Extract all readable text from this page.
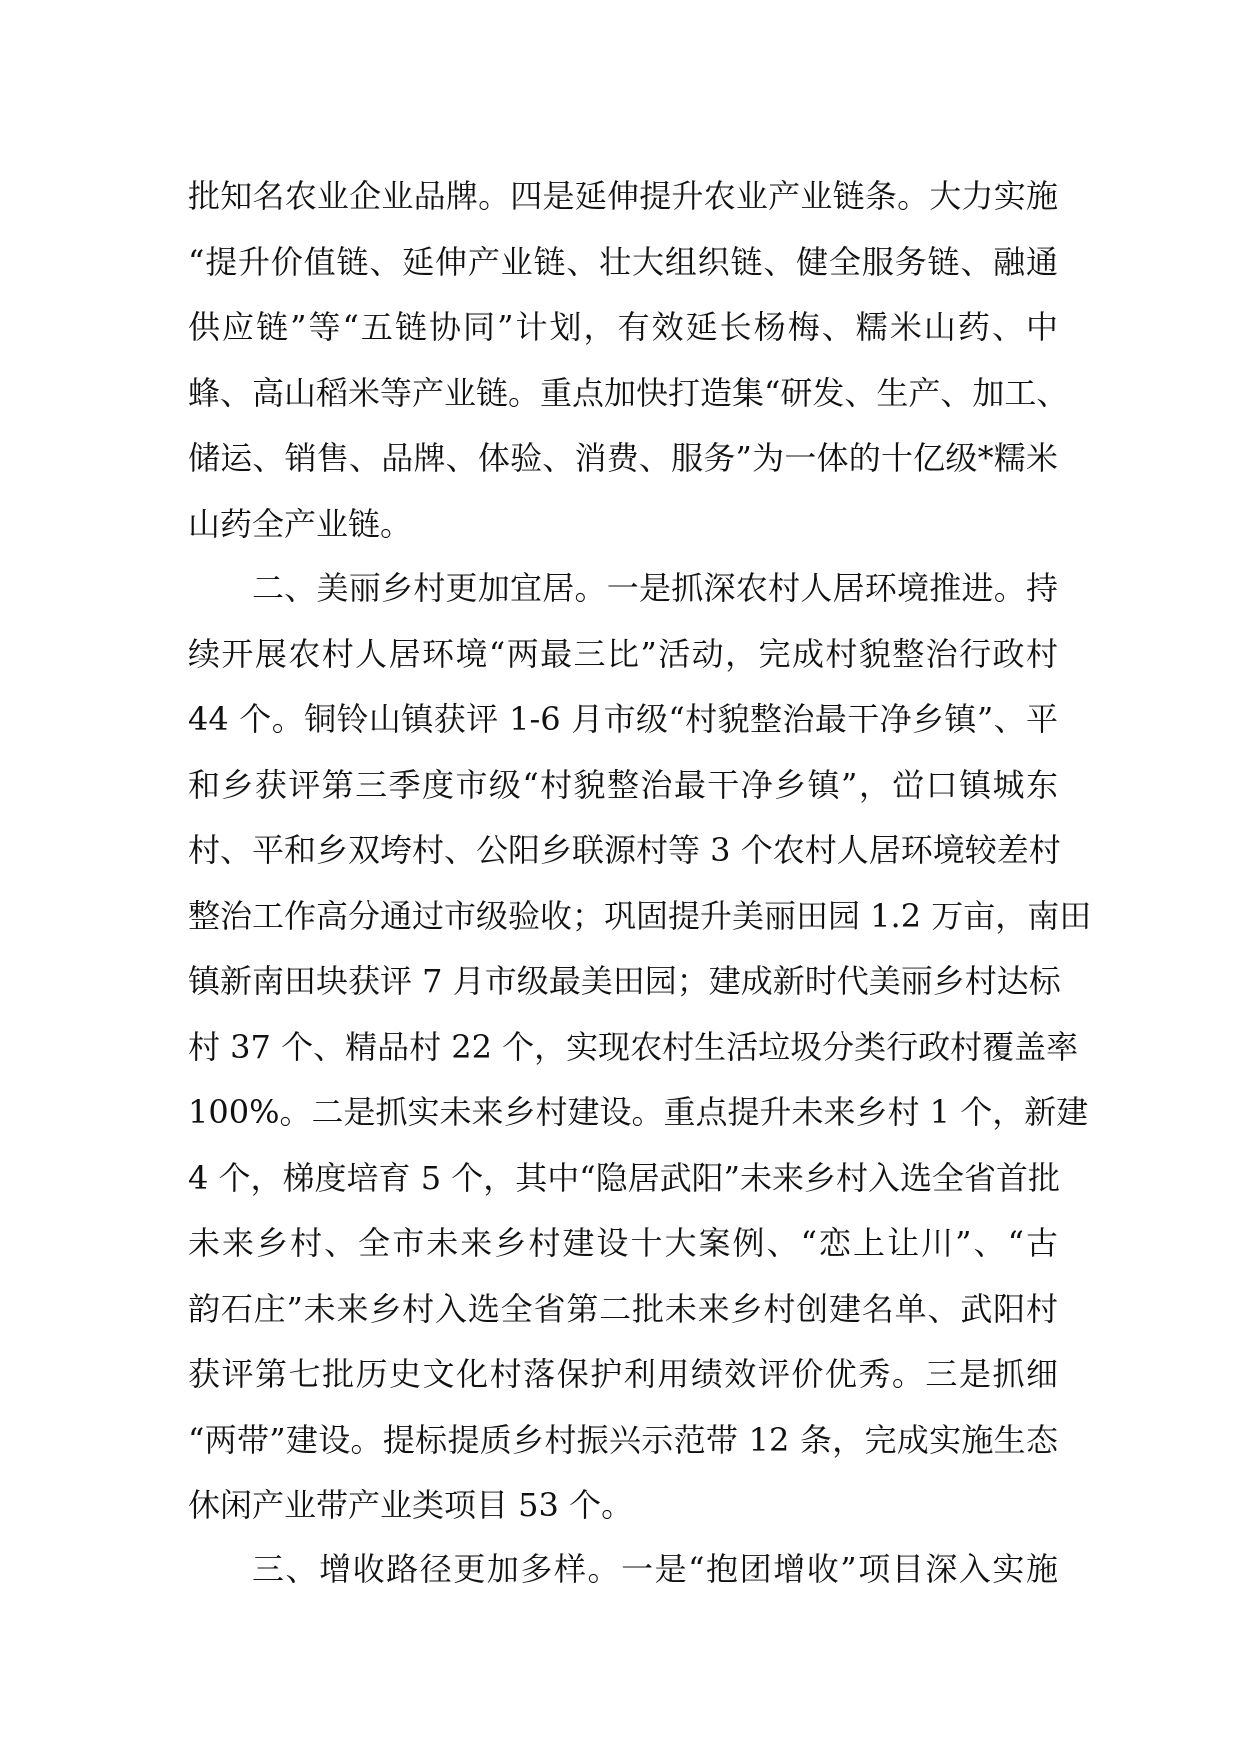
批知名农业企业品牌。四是延伸提升农业产业链条。大力实施
“提升价值链、延伸产业链、壮大组织链、健全服务链、融通
供应链”等“五链协同”计划，有效延长杨梅、糯米山药、中
蜂、高山稻米等产业链。重点加快打造集“研发、生产、加工、
储运、销售、品牌、体验、消费、服务”为一体的十亿级*糯米
山药全产业链。
二、美丽乡村更加宜居。一是抓深农村人居环境推进。持
续开展农村人居环境“两最三比”活动，完成村貌整治行政村
44 个。铜铃山镇获评 1-6 月市级“村貌整治最干净乡镇”、平
和乡获评第三季度市级“村貌整治最干净乡镇”，峃口镇城东
村、平和乡双垮村、公阳乡联源村等 3 个农村人居环境较差村
整治工作高分通过市级验收；巩固提升美丽田园 1.2 万亩，南田
镇新南田块获评 7 月市级最美田园；建成新时代美丽乡村达标
村 37 个、精品村 22 个，实现农村生活垃圾分类行政村覆盖率
100%。二是抓实未来乡村建设。重点提升未来乡村 1 个，新建
4 个，梯度培育 5 个，其中“隐居武阳”未来乡村入选全省首批
未来乡村、全市未来乡村建设十大案例、“恋上让川”、“古
韵石庄”未来乡村入选全省第二批未来乡村创建名单、武阳村
获评第七批历史文化村落保护利用绩效评价优秀。三是抓细
“两带”建设。提标提质乡村振兴示范带 12 条，完成实施生态
休闲产业带产业类项目 53 个。
三、增收路径更加多样。一是“抱团增收”项目深入实施
